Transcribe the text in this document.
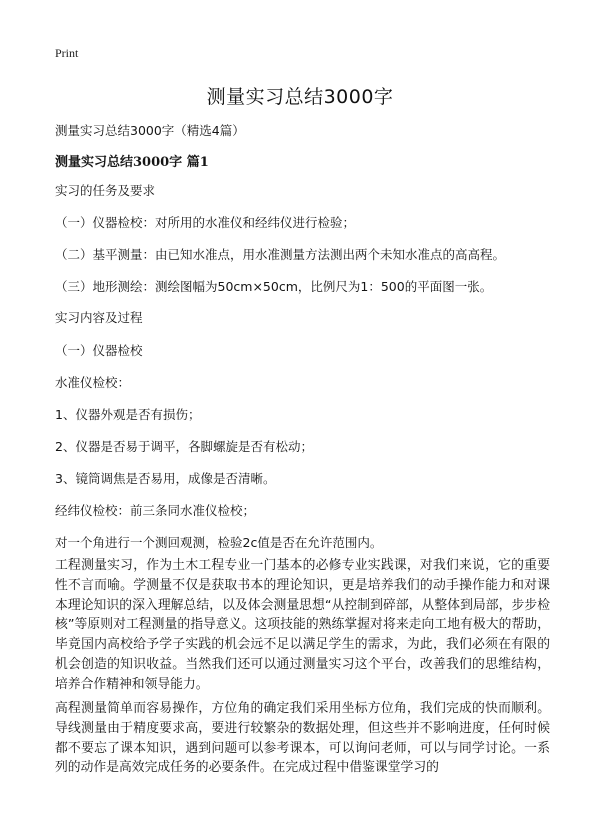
Print
测量实习总结3000字
测量实习总结3000字（精选4篇）
测量实习总结3000字 篇1
实习的任务及要求
（一）仪器检校：对所用的水准仪和经纬仪进行检验；
（二）基平测量：由已知水准点，用水准测量方法测出两个未知水准点的高高程。
（三）地形测绘：测绘图幅为50cm×50cm，比例尺为1：500的平面图一张。
实习内容及过程
（一）仪器检校
水准仪检校：
1、仪器外观是否有损伤；
2、仪器是否易于调平，各脚螺旋是否有松动；
3、镜筒调焦是否易用，成像是否清晰。
经纬仪检校：前三条同水准仪检校；
对一个角进行一个测回观测，检验2c值是否在允许范围内。
工程测量实习，作为土木工程专业一门基本的必修专业实践课，对我们来说，它的重要性不言而喻。学测量不仅是获取书本的理论知识，更是培养我们的动手操作能力和对课本理论知识的深入理解总结，以及体会测量思想“从控制到碎部，从整体到局部，步步检核”等原则对工程测量的指导意义。这项技能的熟练掌握对将来走向工地有极大的帮助，毕竟国内高校给予学子实践的机会远不足以满足学生的需求，为此，我们必须在有限的机会创造的知识收益。当然我们还可以通过测量实习这个平台，改善我们的思维结构，培养合作精神和领导能力。
高程测量简单而容易操作，方位角的确定我们采用坐标方位角，我们完成的快而顺利。导线测量由于精度要求高，要进行较繁杂的数据处理，但这些并不影响进度，任何时候都不要忘了课本知识，遇到问题可以参考课本，可以询问老师，可以与同学讨论。一系列的动作是高效完成任务的必要条件。在完成过程中借鉴课堂学习的
